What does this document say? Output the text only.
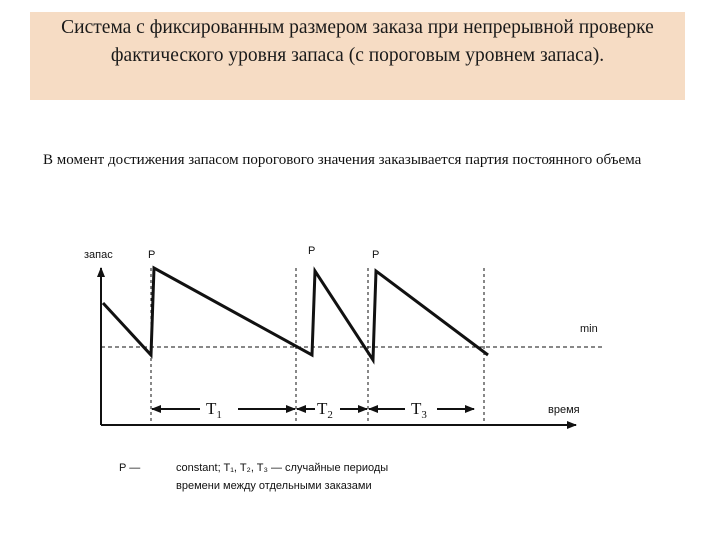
Система с фиксированным размером заказа при непрерывной проверке фактического уровня запаса (с пороговым уровнем запаса).
В момент достижения запасом порогового значения заказывается партия постоянного объема
запас	P	P	P
min
время
$T_1$	$T_2$	$T_3$
P —	constant; T₁, T₂, T₃ — случайные периоды
времени между отдельными заказами
